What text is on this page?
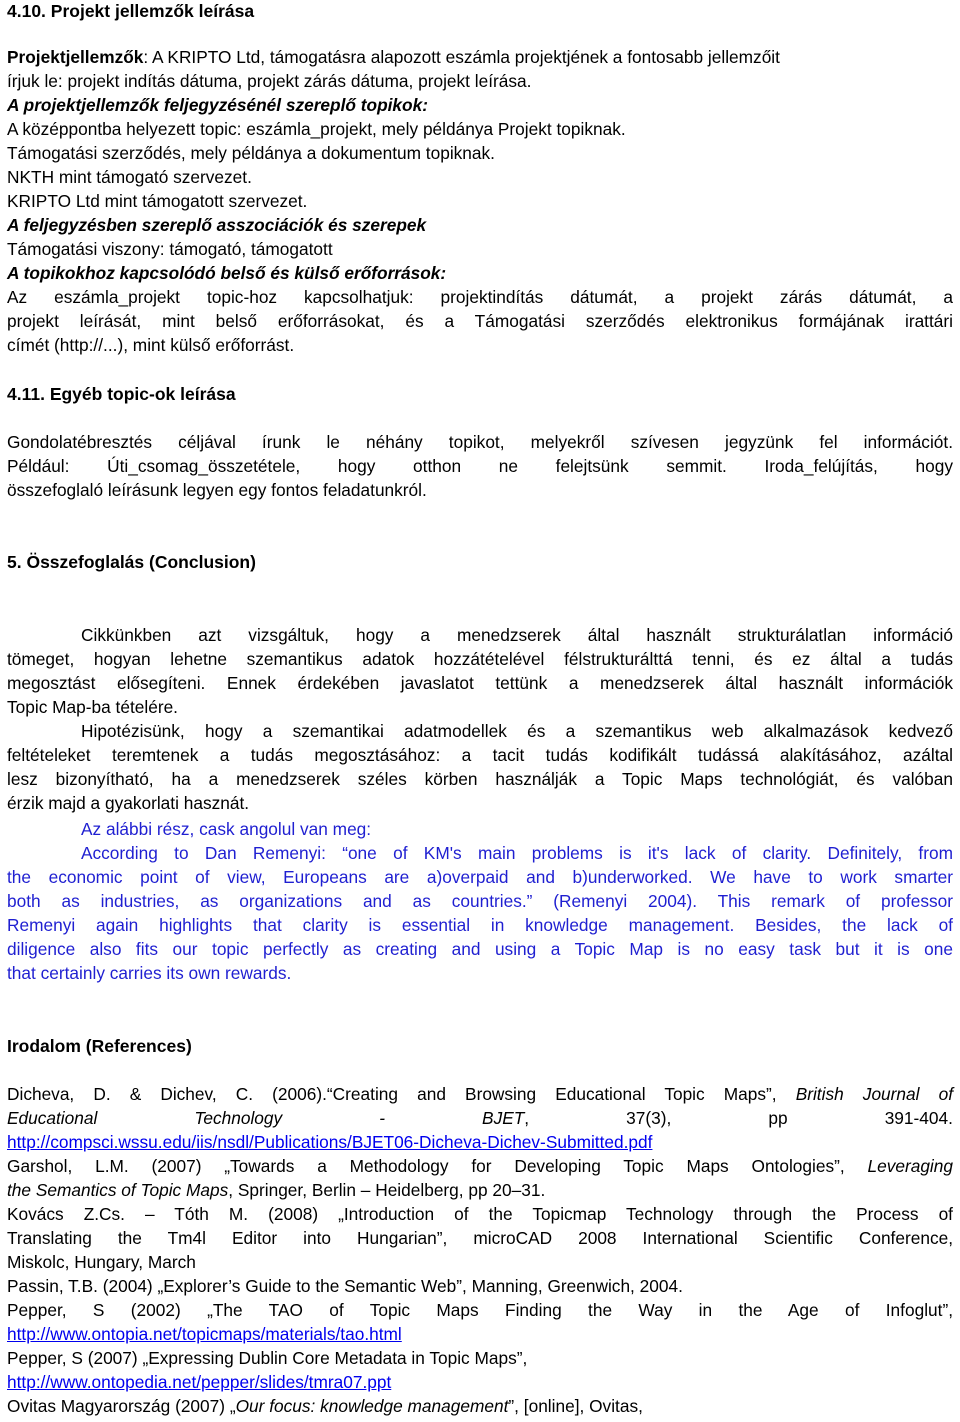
4.10. Projekt jellemzők leírása
Projektjellemzők: A KRIPTO Ltd, támogatásra alapozott eszámla projektjének a fontosabb jellemzőit
írjuk le: projekt indítás dátuma, projekt zárás dátuma, projekt leírása.
A projektjellemzők feljegyzésénél szereplő topikok:
A középpontba helyezett topic: eszámla_projekt, mely példánya Projekt topiknak.
Támogatási szerződés, mely példánya a dokumentum topiknak.
NKTH mint támogató szervezet.
KRIPTO Ltd mint támogatott szervezet.
A feljegyzésben szereplő asszociációk és szerepek
Támogatási viszony: támogató, támogatott
A topikokhoz kapcsolódó belső és külső erőforrások:
Az eszámla_projekt topic-hoz kapcsolhatjuk: projektindítás dátumát, a projekt zárás dátumát, a
projekt leírását, mint belső erőforrásokat, és a Támogatási szerződés elektronikus formájának irattári
címét (http://...), mint külső erőforrást.
4.11. Egyéb topic-ok leírása
Gondolatébresztés céljával írunk le néhány topikot, melyekről szívesen jegyzünk fel információt.
Például: Úti_csomag_összetétele, hogy otthon ne felejtsünk semmit. Iroda_felújítás, hogy
összefoglaló leírásunk legyen egy fontos feladatunkról.
5. Összefoglalás (Conclusion)
Cikkünkben azt vizsgáltuk, hogy a menedzserek által használt strukturálatlan információ
tömeget, hogyan lehetne szemantikus adatok hozzátételével félstrukturálttá tenni, és ez által a tudás
megosztást elősegíteni. Ennek érdekében javaslatot tettünk a menedzserek által használt információk
Topic Map-ba tételére.
Hipotézisünk, hogy a szemantikai adatmodellek és a szemantikus web alkalmazások kedvező
feltételeket teremtenek a tudás megosztásához: a tacit tudás kodifikált tudássá alakításához, azáltal
lesz bizonyítható, ha a menedzserek széles körben használják a Topic Maps technológiát, és valóban
érzik majd a gyakorlati hasznát.
Az alábbi rész, cask angolul van meg:
According to Dan Remenyi: “one of KM's main problems is it's lack of clarity. Definitely, from
the economic point of view, Europeans are a)overpaid and b)underworked. We have to work smarter
both as industries, as organizations and as countries.” (Remenyi 2004). This remark of professor
Remenyi again highlights that clarity is essential in knowledge management. Besides, the lack of
diligence also fits our topic perfectly as creating and using a Topic Map is no easy task but it is one
that certainly carries its own rewards.
Irodalom (References)
Dicheva, D. & Dichev, C. (2006).“Creating and Browsing Educational Topic Maps”, British Journal of
Educational	Technology	-	BJET,	37(3),	pp	391-404.
http://compsci.wssu.edu/iis/nsdl/Publications/BJET06-Dicheva-Dichev-Submitted.pdf
Garshol, L.M. (2007) „Towards a Methodology for Developing Topic Maps Ontologies”, Leveraging
the Semantics of Topic Maps, Springer, Berlin – Heidelberg, pp 20–31.
Kovács Z.Cs. – Tóth M. (2008) „Introduction of the Topicmap Technology through the Process of
Translating the Tm4l Editor into Hungarian”, microCAD 2008 International Scientific Conference,
Miskolc, Hungary, March
Passin, T.B. (2004) „Explorer’s Guide to the Semantic Web”, Manning, Greenwich, 2004.
Pepper, S (2002) „The TAO of Topic Maps Finding the Way in the Age of Infoglut”,
http://www.ontopia.net/topicmaps/materials/tao.html
Pepper, S (2007) „Expressing Dublin Core Metadata in Topic Maps”,
http://www.ontopedia.net/pepper/slides/tmra07.ppt
Ovitas Magyarország (2007) „Our focus: knowledge management”, [online], Ovitas,
